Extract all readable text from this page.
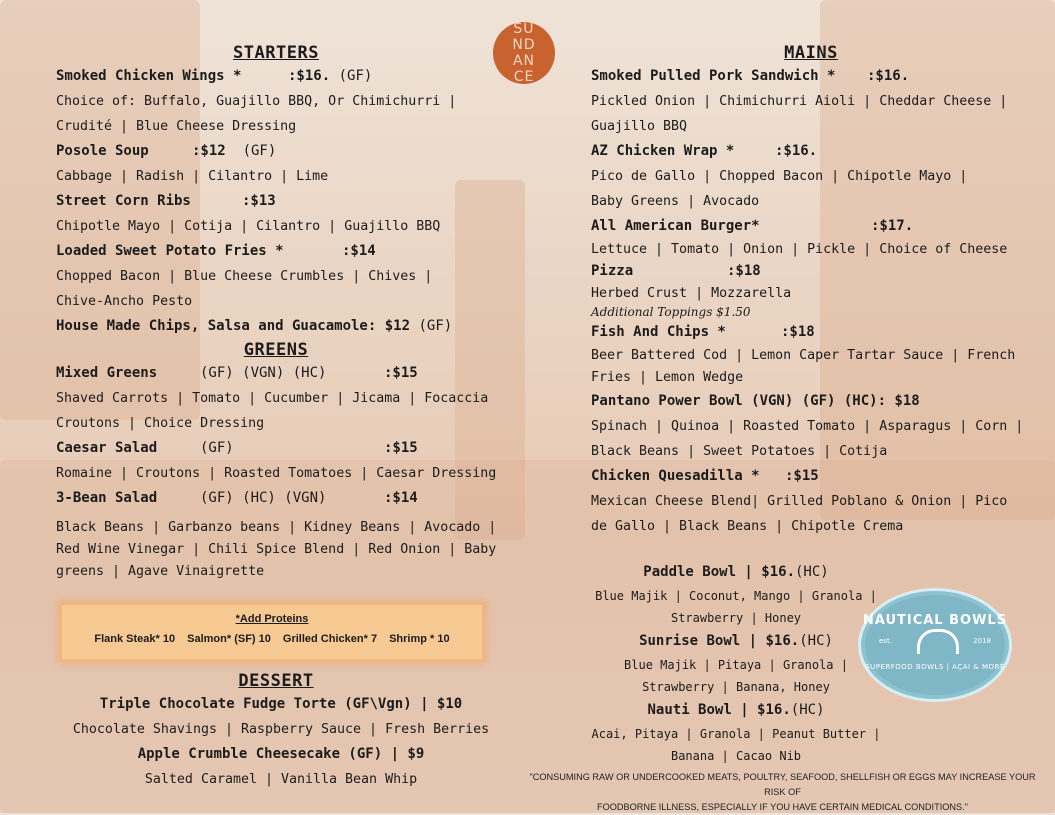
SU
ND
AN
CE
STARTERS
Smoked Chicken Wings *	:$16. (GF)
Choice of: Buffalo, Guajillo BBQ, Or Chimichurri |
Crudité | Blue Cheese Dressing
Posole Soup	:$12 (GF)
Cabbage | Radish | Cilantro | Lime
Street Corn Ribs	:$13
Chipotle Mayo | Cotija | Cilantro | Guajillo BBQ
Loaded Sweet Potato Fries *	:$14
Chopped Bacon | Blue Cheese Crumbles | Chives |
Chive-Ancho Pesto
House Made Chips, Salsa and Guacamole: $12 (GF)
GREENS
Mixed Greens	(GF) (VGN) (HC)	:$15
Shaved Carrots | Tomato | Cucumber | Jicama | Focaccia
Croutons | Choice Dressing
Caesar Salad	(GF)	:$15
Romaine | Croutons | Roasted Tomatoes | Caesar Dressing
3-Bean Salad	(GF) (HC) (VGN)	:$14
Black Beans | Garbanzo beans | Kidney Beans | Avocado |
Red Wine Vinegar | Chili Spice Blend | Red Onion | Baby
greens | Agave Vinaigrette
*Add Proteins
Flank Steak* 10 Salmon* (SF) 10 Grilled Chicken* 7 Shrimp * 10
DESSERT
Triple Chocolate Fudge Torte (GF\Vgn) | $10
Chocolate Shavings | Raspberry Sauce | Fresh Berries
Apple Crumble Cheesecake (GF) | $9
Salted Caramel | Vanilla Bean Whip
MAINS
Smoked Pulled Pork Sandwich * :$16.
Pickled Onion | Chimichurri Aioli | Cheddar Cheese |
Guajillo BBQ
AZ Chicken Wrap *	:$16.
Pico de Gallo | Chopped Bacon | Chipotle Mayo |
Baby Greens | Avocado
All American Burger*	:$17.
Lettuce | Tomato | Onion | Pickle | Choice of Cheese
Pizza	:$18
Herbed Crust | Mozzarella
Additional Toppings $1.50
Fish And Chips *	:$18
Beer Battered Cod | Lemon Caper Tartar Sauce | French
Fries | Lemon Wedge
Pantano Power Bowl (VGN) (GF) (HC): $18
Spinach | Quinoa | Roasted Tomato | Asparagus | Corn |
Black Beans | Sweet Potatoes | Cotija
Chicken Quesadilla * :$15
Mexican Cheese Blend| Grilled Poblano & Onion | Pico
de Gallo | Black Beans | Chipotle Crema
Paddle Bowl | $16.(HC)
Blue Majik | Coconut, Mango | Granola |
Strawberry | Honey
Sunrise Bowl | $16.(HC)
Blue Majik | Pitaya | Granola |
Strawberry | Banana, Honey
Nauti Bowl | $16.(HC)
Acai, Pitaya | Granola | Peanut Butter |
Banana | Cacao Nib
NAUTICAL BOWLS
est.	2018
SUPERFOOD BOWLS | AÇAI & MORE
"CONSUMING RAW OR UNDERCOOKED MEATS, POULTRY, SEAFOOD, SHELLFISH OR EGGS MAY INCREASE YOUR RISK OF
FOODBORNE ILLNESS, ESPECIALLY IF YOU HAVE CERTAIN MEDICAL CONDITIONS."
